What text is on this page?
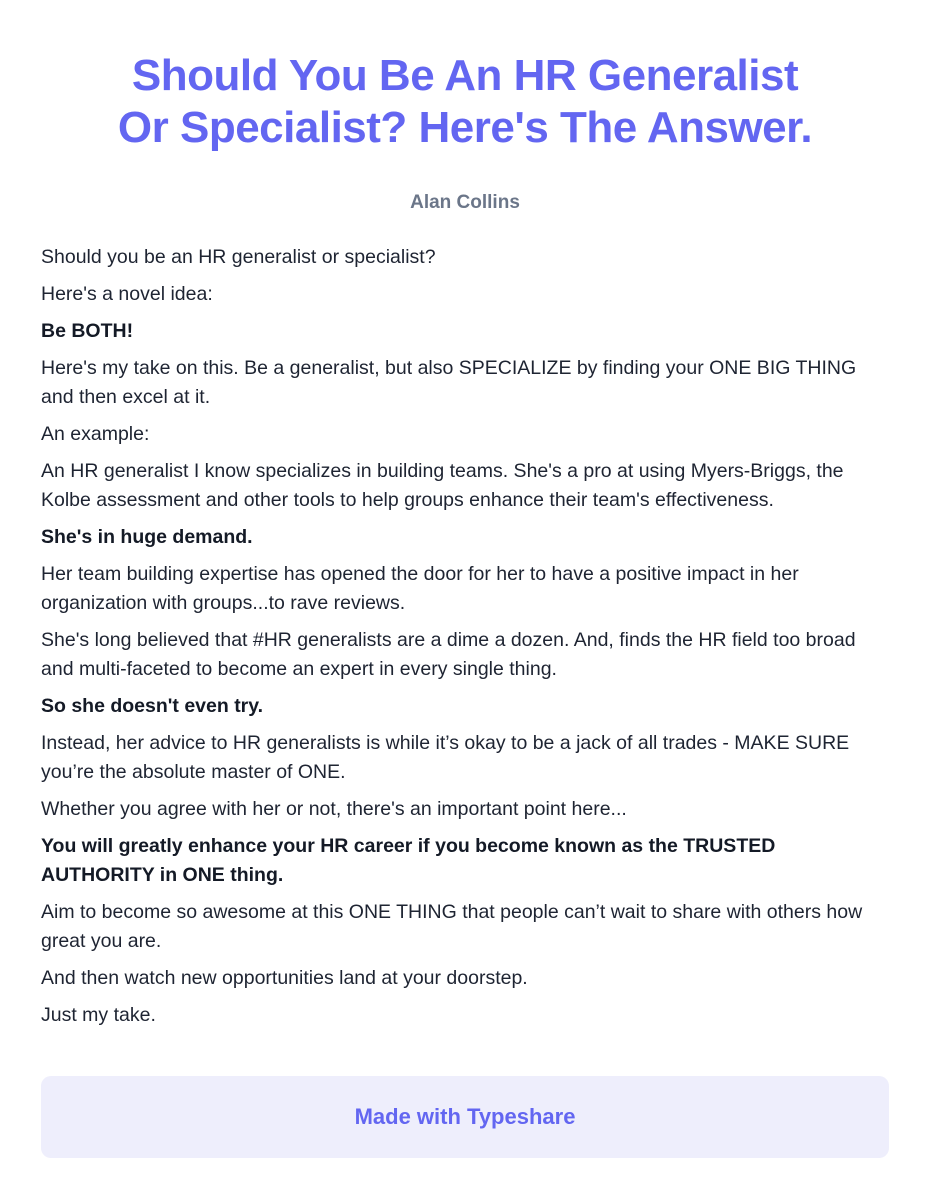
Should You Be An HR Generalist
Or Specialist? Here's The Answer.
Alan Collins

Should you be an HR generalist or specialist?

Here's a novel idea:

Be BOTH!

Here's my take on this. Be a generalist, but also SPECIALIZE by finding your ONE BIG THING and then excel at it.

An example:

An HR generalist I know specializes in building teams. She's a pro at using Myers-Briggs, the Kolbe assessment and other tools to help groups enhance their team's effectiveness.

She's in huge demand.

Her team building expertise has opened the door for her to have a positive impact in her organization with groups...to rave reviews.

She's long believed that #HR generalists are a dime a dozen. And, finds the HR field too broad and multi-faceted to become an expert in every single thing.

So she doesn't even try.

Instead, her advice to HR generalists is while it’s okay to be a jack of all trades - MAKE SURE you’re the absolute master of ONE.

Whether you agree with her or not, there's an important point here...

You will greatly enhance your HR career if you become known as the TRUSTED AUTHORITY in ONE thing.

Aim to become so awesome at this ONE THING that people can’t wait to share with others how great you are.

And then watch new opportunities land at your doorstep.

Just my take.

Made with Typeshare
